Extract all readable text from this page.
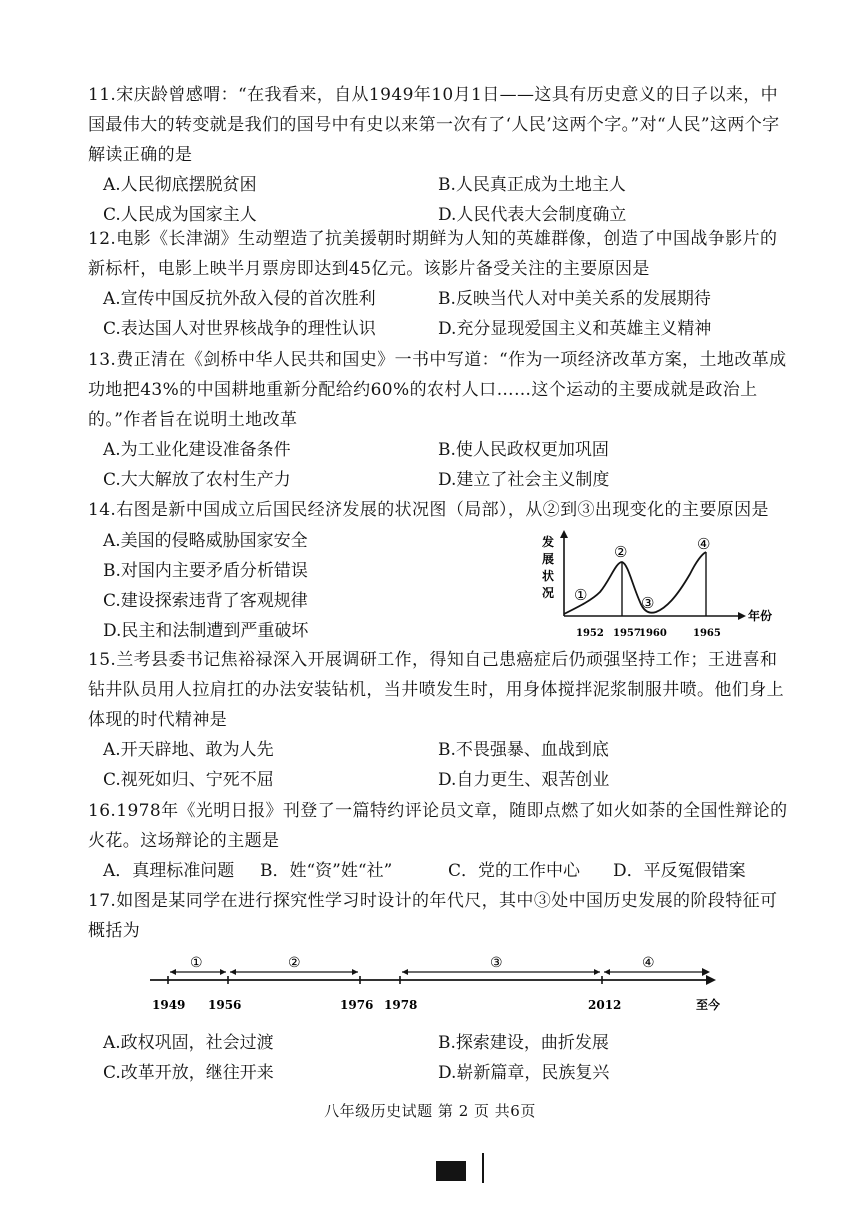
11.宋庆龄曾感喟：“在我看来，自从1949年10月1日——这具有历史意义的日子以来，中国最伟大的转变就是我们的国号中有史以来第一次有了‘人民’这两个字。”对“人民”这两个字解读正确的是
A.人民彻底摆脱贫困	B.人民真正成为土地主人
C.人民成为国家主人	D.人民代表大会制度确立
12.电影《长津湖》生动塑造了抗美援朝时期鲜为人知的英雄群像，创造了中国战争影片的新标杆，电影上映半月票房即达到45亿元。该影片备受关注的主要原因是
A.宣传中国反抗外敌入侵的首次胜利	B.反映当代人对中美关系的发展期待
C.表达国人对世界核战争的理性认识	D.充分显现爱国主义和英雄主义精神
13.费正清在《剑桥中华人民共和国史》一书中写道：“作为一项经济改革方案，土地改革成功地把43%的中国耕地重新分配给约60%的农村人口……这个运动的主要成就是政治上的。”作者旨在说明土地改革
A.为工业化建设准备条件	B.使人民政权更加巩固
C.大大解放了农村生产力	D.建立了社会主义制度
14.右图是新中国成立后国民经济发展的状况图（局部），从②到③出现变化的主要原因是
A.美国的侵略威胁国家安全
B.对国内主要矛盾分析错误
C.建设探索违背了客观规律
D.民主和法制遭到严重破坏
发
展
状
况
年份
①
②
③
④
1952 1957
1960	1965
15.兰考县委书记焦裕禄深入开展调研工作，得知自己患癌症后仍顽强坚持工作；王进喜和钻井队员用人拉肩扛的办法安装钻机，当井喷发生时，用身体搅拌泥浆制服井喷。他们身上体现的时代精神是
A.开天辟地、敢为人先	B.不畏强暴、血战到底
C.视死如归、宁死不屈	D.自力更生、艰苦创业
16.1978年《光明日报》刊登了一篇特约评论员文章，随即点燃了如火如荼的全国性辩论的火花。这场辩论的主题是
A．真理标准问题 B．姓“资”姓“社”	C．党的工作中心 D．平反冤假错案
17.如图是某同学在进行探究性学习时设计的年代尺，其中③处中国历史发展的阶段特征可概括为
①	②	③	④
1949 1956	1976 1978	2012	至今
A.政权巩固，社会过渡	B.探索建设，曲折发展
C.改革开放，继往开来	D.崭新篇章，民族复兴
八年级历史试题 第 2 页 共6页
